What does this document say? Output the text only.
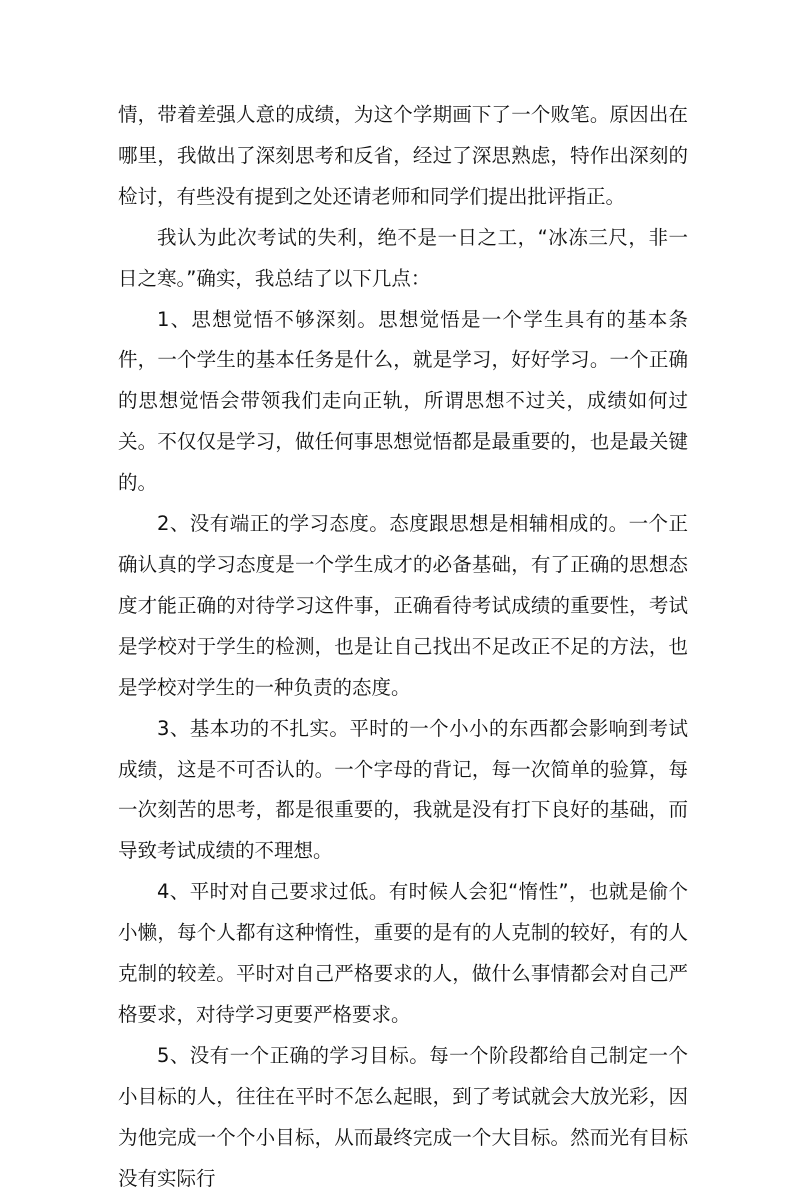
情，带着差强人意的成绩，为这个学期画下了一个败笔。原因出在哪里，我做出了深刻思考和反省，经过了深思熟虑，特作出深刻的检讨，有些没有提到之处还请老师和同学们提出批评指正。

我认为此次考试的失利，绝不是一日之工，“冰冻三尺，非一日之寒。”确实，我总结了以下几点：

1、思想觉悟不够深刻。思想觉悟是一个学生具有的基本条件，一个学生的基本任务是什么，就是学习，好好学习。一个正确的思想觉悟会带领我们走向正轨，所谓思想不过关，成绩如何过关。不仅仅是学习，做任何事思想觉悟都是最重要的，也是最关键的。

2、没有端正的学习态度。态度跟思想是相辅相成的。一个正确认真的学习态度是一个学生成才的必备基础，有了正确的思想态度才能正确的对待学习这件事，正确看待考试成绩的重要性，考试是学校对于学生的检测，也是让自己找出不足改正不足的方法，也是学校对学生的一种负责的态度。

3、基本功的不扎实。平时的一个小小的东西都会影响到考试成绩，这是不可否认的。一个字母的背记，每一次简单的验算，每一次刻苦的思考，都是很重要的，我就是没有打下良好的基础，而导致考试成绩的不理想。

4、平时对自己要求过低。有时候人会犯“惰性”，也就是偷个小懒，每个人都有这种惰性，重要的是有的人克制的较好，有的人克制的较差。平时对自己严格要求的人，做什么事情都会对自己严格要求，对待学习更要严格要求。

5、没有一个正确的学习目标。每一个阶段都给自己制定一个小目标的人，往往在平时不怎么起眼，到了考试就会大放光彩，因为他完成一个个小目标，从而最终完成一个大目标。然而光有目标没有实际行
